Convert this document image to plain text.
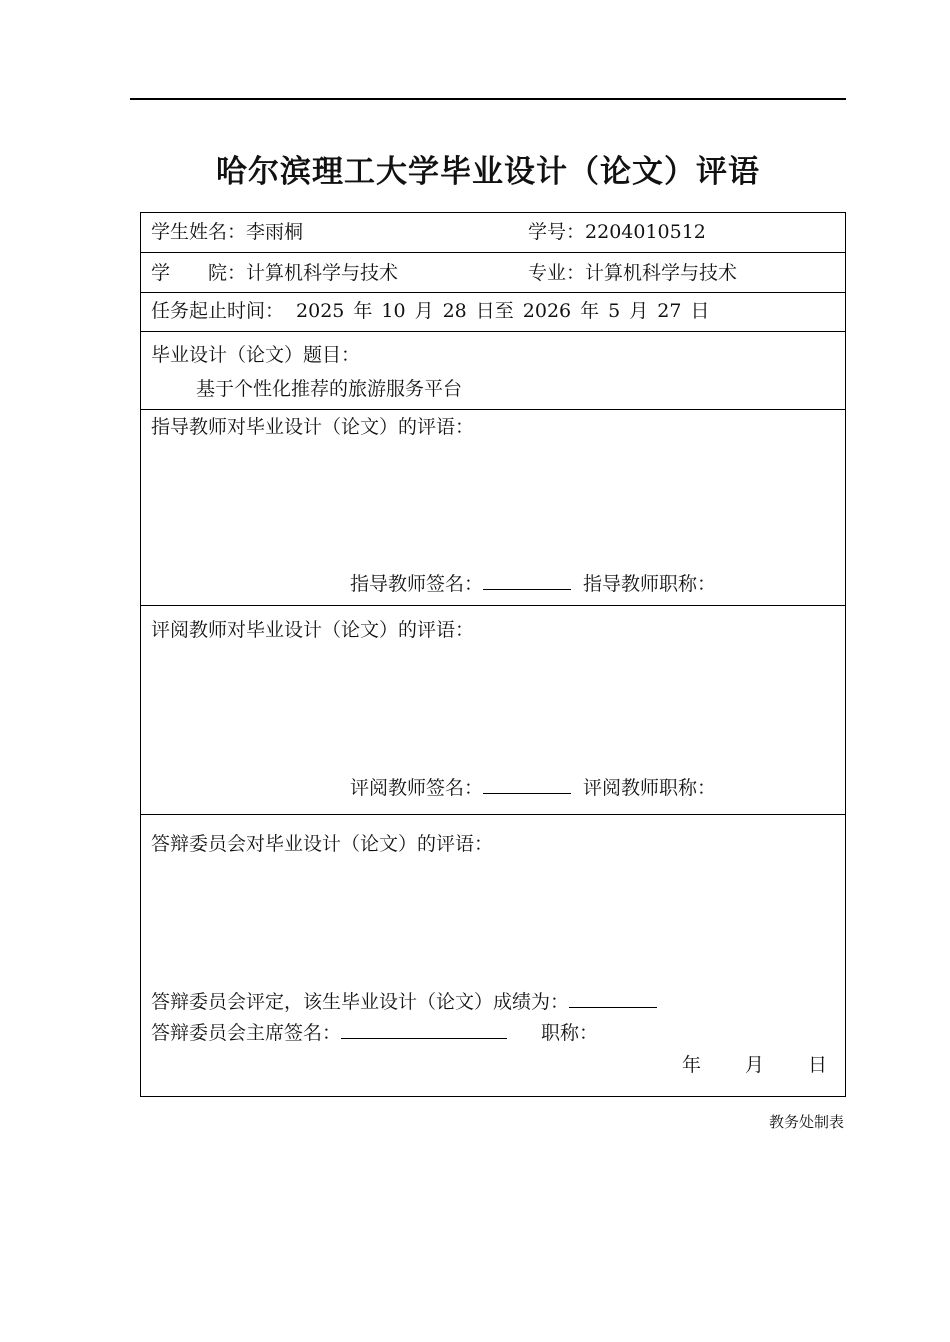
哈尔滨理工大学毕业设计（论文）评语
学生姓名：李雨桐	学号：2204010512
学 院：计算机科学与技术	专业：计算机科学与技术
任务起止时间： 2025 年 10 月 28 日至 2026 年 5 月 27 日
毕业设计（论文）题目：
基于个性化推荐的旅游服务平台
指导教师对毕业设计（论文）的评语：
指导教师签名：	指导教师职称：
评阅教师对毕业设计（论文）的评语：
评阅教师签名：	评阅教师职称：
答辩委员会对毕业设计（论文）的评语：
答辩委员会评定，该生毕业设计（论文）成绩为：
答辩委员会主席签名：	职称：
年 月 日
教务处制表
